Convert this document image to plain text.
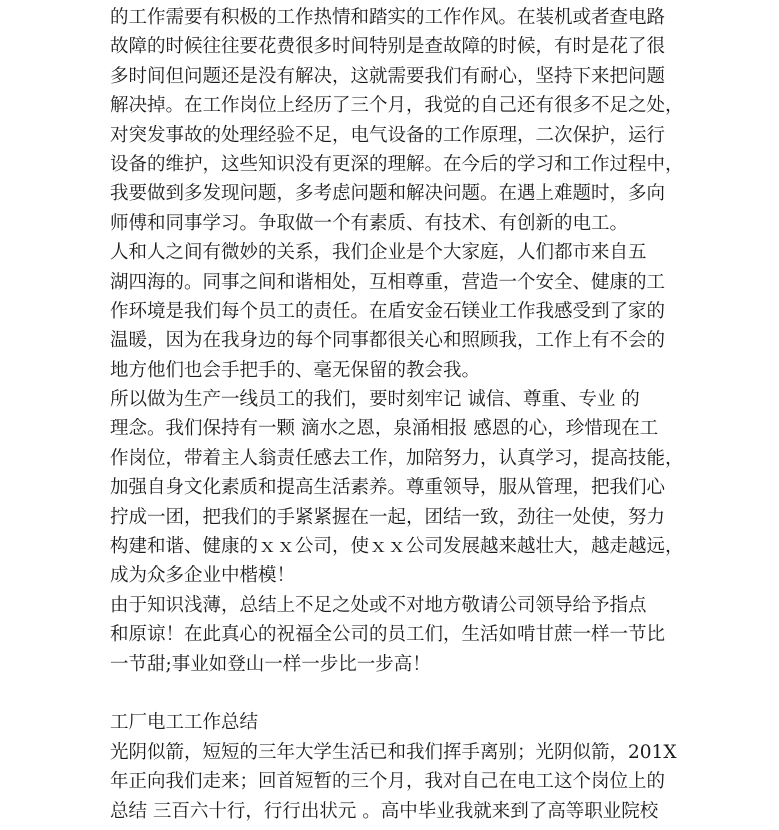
的工作需要有积极的工作热情和踏实的工作作风。在装机或者查电路
故障的时候往往要花费很多时间特别是查故障的时候，有时是花了很
多时间但问题还是没有解决，这就需要我们有耐心，坚持下来把问题
解决掉。在工作岗位上经历了三个月，我觉的自己还有很多不足之处，
对突发事故的处理经验不足，电气设备的工作原理，二次保护，运行
设备的维护，这些知识没有更深的理解。在今后的学习和工作过程中，
我要做到多发现问题，多考虑问题和解决问题。在遇上难题时，多向
师傅和同事学习。争取做一个有素质、有技术、有创新的电工。
人和人之间有微妙的关系，我们企业是个大家庭，人们都市来自五
湖四海的。同事之间和谐相处，互相尊重，营造一个安全、健康的工
作环境是我们每个员工的责任。在盾安金石镁业工作我感受到了家的
温暖，因为在我身边的每个同事都很关心和照顾我，工作上有不会的
地方他们也会手把手的、毫无保留的教会我。
所以做为生产一线员工的我们，要时刻牢记 诚信、尊重、专业 的
理念。我们保持有一颗 滴水之恩，泉涌相报 感恩的心，珍惜现在工
作岗位，带着主人翁责任感去工作，加陪努力，认真学习，提高技能，
加强自身文化素质和提高生活素养。尊重领导，服从管理，把我们心
拧成一团，把我们的手紧紧握在一起，团结一致，劲往一处使，努力
构建和谐、健康的ｘｘ公司，使ｘｘ公司发展越来越壮大，越走越远，
成为众多企业中楷模！
由于知识浅薄，总结上不足之处或不对地方敬请公司领导给予指点
和原谅！在此真心的祝福全公司的员工们，生活如啃甘蔗一样一节比
一节甜;事业如登山一样一步比一步高！
工厂电工工作总结
光阴似箭，短短的三年大学生活已和我们挥手离别；光阴似箭，201X
年正向我们走来；回首短暂的三个月，我对自己在电工这个岗位上的
总结 三百六十行，行行出状元 。高中毕业我就来到了高等职业院校
